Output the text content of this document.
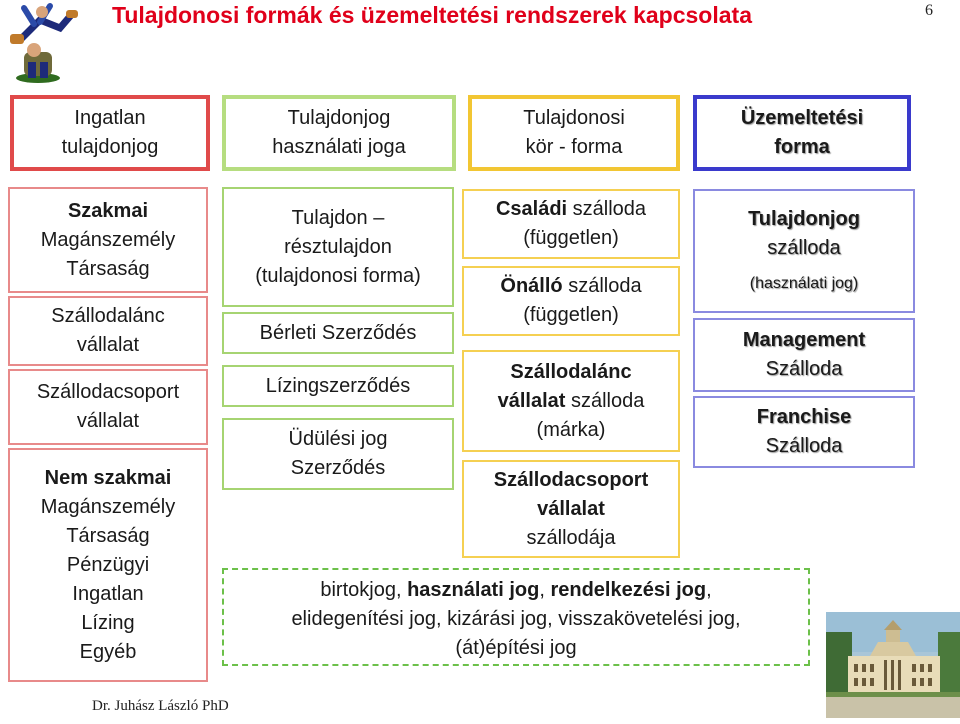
Tulajdonosi formák és üzemeltetési rendszerek kapcsolata	6
Ingatlan
tulajdonjog
Tulajdonjog
használati joga
Tulajdonosi
kör - forma
Üzemeltetési
forma
Szakmai
Magánszemély
Társaság
Szállodalánc
vállalat
Szállodacsoport
vállalat
Nem szakmai
Magánszemély
Társaság
Pénzügyi
Ingatlan
Lízing
Egyéb
Tulajdon –
résztulajdon
(tulajdonosi forma)
Bérleti Szerződés
Lízingszerződés
Üdülési jog
Szerződés
Családi szálloda
(független)
Önálló szálloda
(független)
Szállodalánc
vállalat szálloda
(márka)
Szállodacsoport
vállalat
szállodája
Tulajdonjog
szálloda
(használati jog)
Management
Szálloda
Franchise
Szálloda
birtokjog, használati jog, rendelkezési jog,
elidegenítési jog, kizárási jog, visszakövetelési jog,
(át)építési jog
Dr. Juhász László PhD
